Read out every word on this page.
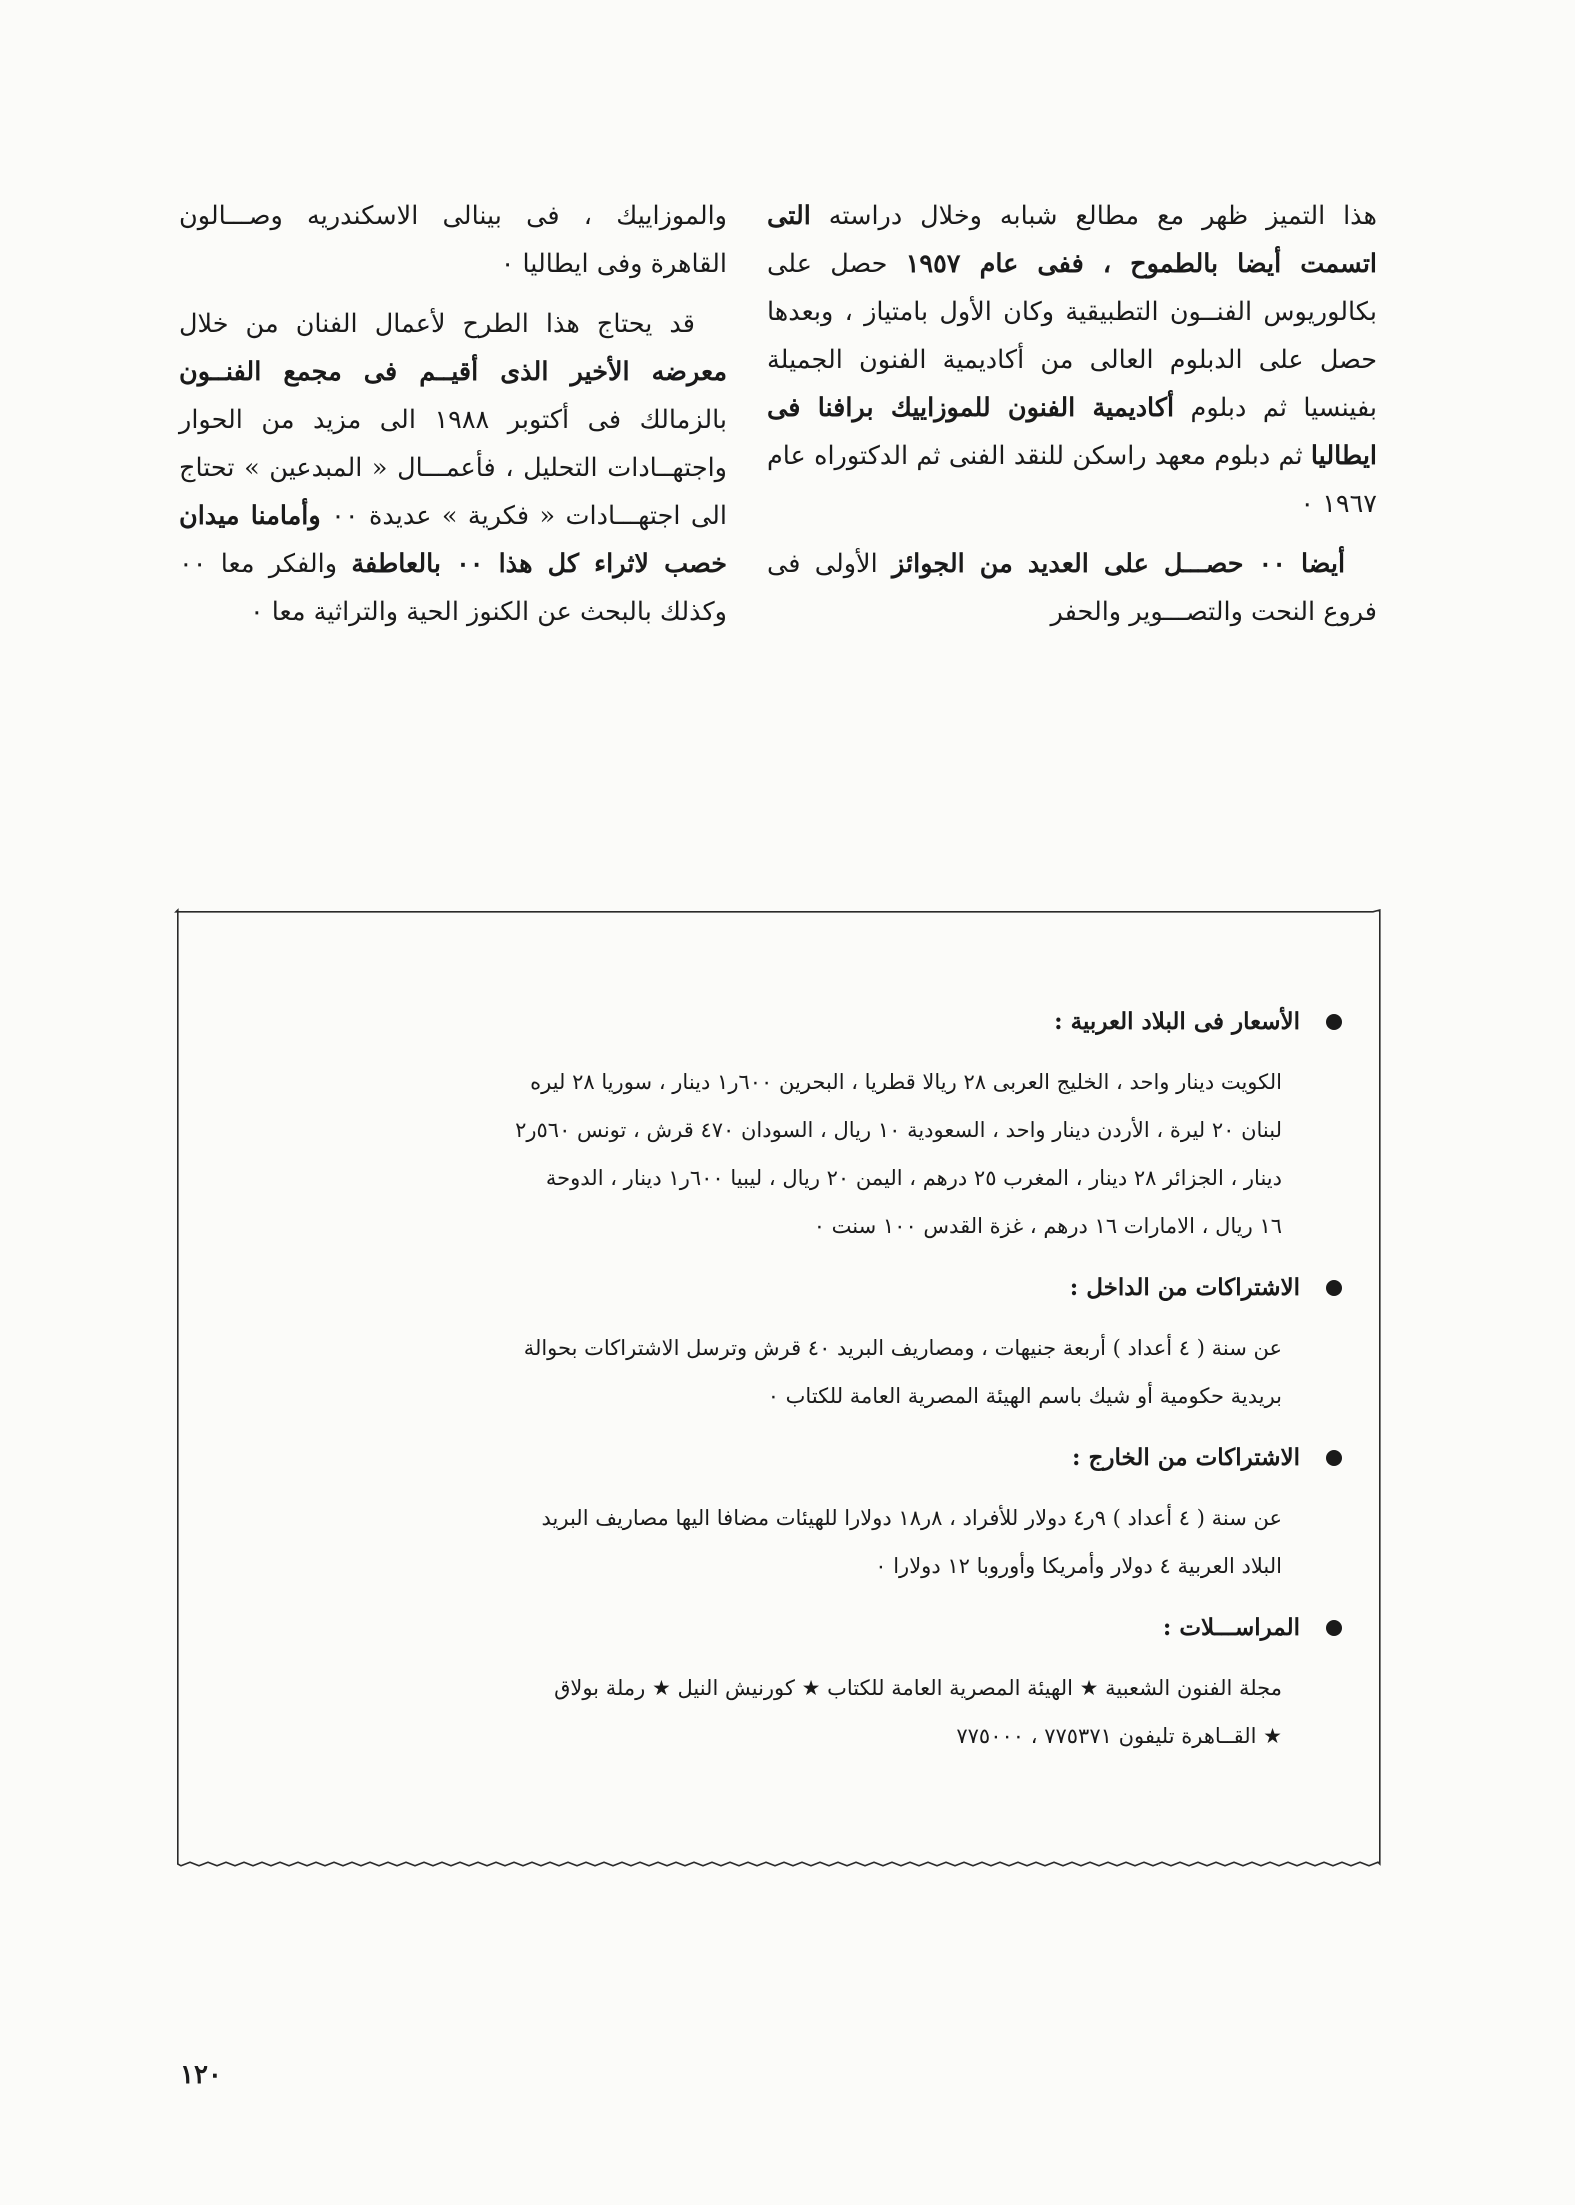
هذا التميز ظهر مع مطالع شبابه وخلال دراسته التى اتسمت أيضا بالطموح ، ففى عام ١٩٥٧ حصل على بكالوريوس الفنــون التطبيقية وكان الأول بامتياز ، وبعدها حصل على الدبلوم العالى من أكاديمية الفنون الجميلة بفينسيا ثم دبلوم أكاديمية الفنون للموزاييك برافنا فى ايطاليا ثم دبلوم معهد راسكن للنقد الفنى ثم الدكتوراه عام ١٩٦٧ ٠

أيضا ٠٠ حصـــل على العديد من الجوائز الأولى فى فروع النحت والتصـــوير والحفر

والموزاييك ، فى بينالى الاسكندريه وصـــالون القاهرة وفى ايطاليا ٠

قد يحتاج هذا الطرح لأعمال الفنان من خلال معرضه الأخير الذى أقيــم فى مجمع الفنــون بالزمالك فى أكتوبر ١٩٨٨ الى مزيد من الحوار واجتهــادات التحليل ، فأعمـــال « المبدعين » تحتاج الى اجتهـــادات « فكرية » عديدة ٠٠ وأمامنا ميدان خصب لاثراء كل هذا ٠٠ بالعاطفة والفكر معا ٠٠ وكذلك بالبحث عن الكنوز الحية والتراثية معا ٠

الأسعار فى البلاد العربية :
الكويت دينار واحد ، الخليج العربى ٢٨ ريالا قطريا ، البحرين ٦٠٠ر١ دينار ، سوريا ٢٨ ليره
لبنان ٢٠ ليرة ، الأردن دينار واحد ، السعودية ١٠ ريال ، السودان ٤٧٠ قرش ، تونس ٥٦٠ر٢
دينار ، الجزائر ٢٨ دينار ، المغرب ٢٥ درهم ، اليمن ٢٠ ريال ، ليبيا ٦٠٠ر١ دينار ، الدوحة
١٦ ريال ، الامارات ١٦ درهم ، غزة القدس ١٠٠ سنت ٠
الاشتراكات من الداخل :
عن سنة ( ٤ أعداد ) أربعة جنيهات ، ومصاريف البريد ٤٠ قرش وترسل الاشتراكات بحوالة
بريدية حكومية أو شيك باسم الهيئة المصرية العامة للكتاب ٠
الاشتراكات من الخارج :
عن سنة ( ٤ أعداد ) ٩ر٤ دولار للأفراد ، ٨ر١٨ دولارا للهيئات مضافا اليها مصاريف البريد
البلاد العربية ٤ دولار وأمريكا وأوروبا ١٢ دولارا ٠
المراســـلات :
مجلة الفنون الشعبية ★ الهيئة المصرية العامة للكتاب ★ كورنيش النيل ★ رملة بولاق
★ القــاهرة تليفون ٧٧٥٣٧١ ، ٧٧٥٠٠٠
١٢٠
